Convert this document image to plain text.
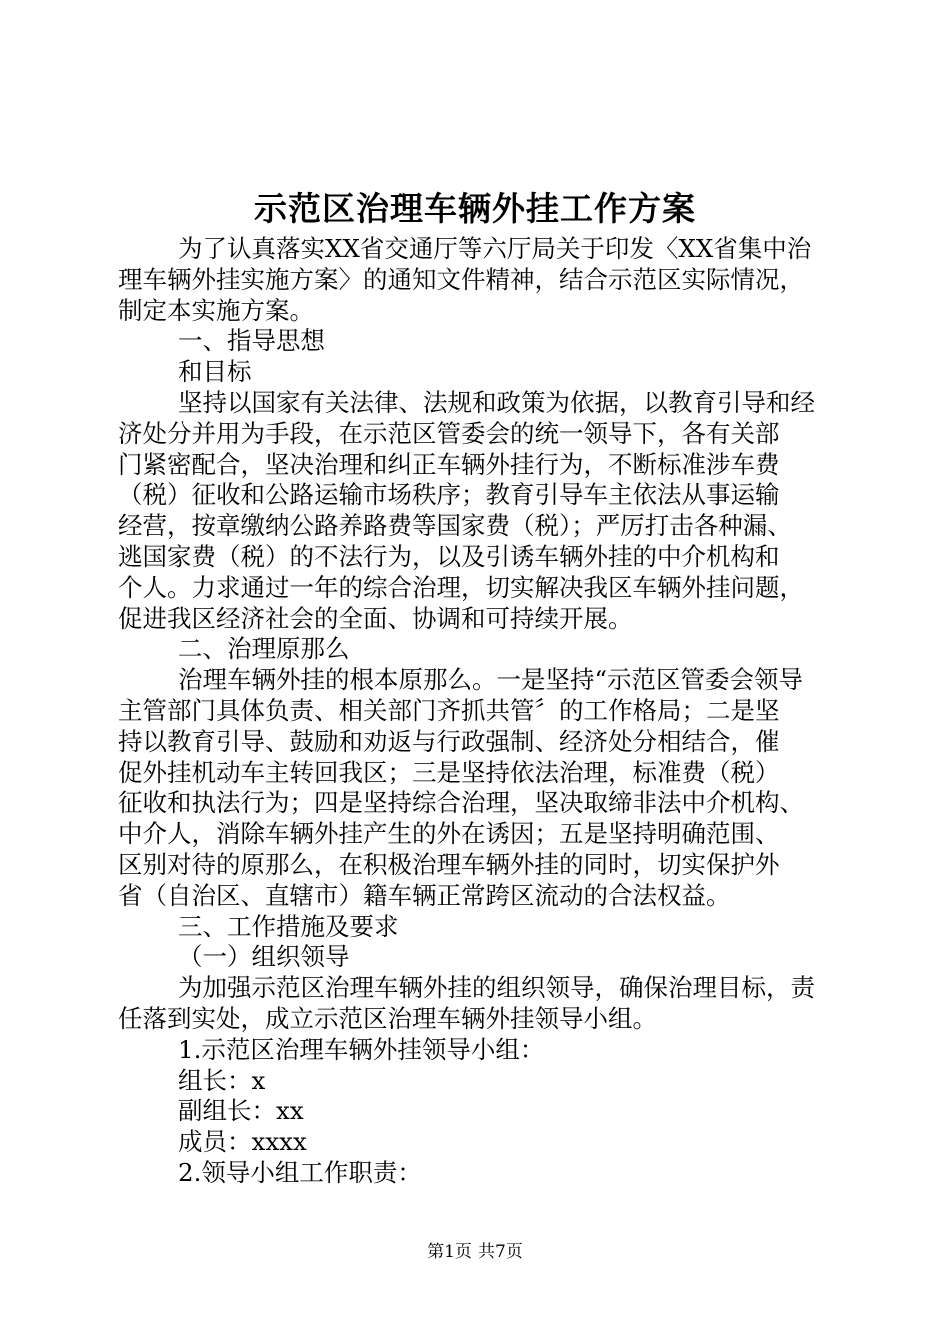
示范区治理车辆外挂工作方案
为了认真落实XX省交通厅等六厅局关于印发〈XX省集中治
理车辆外挂实施方案〉的通知文件精神，结合示范区实际情况，
制定本实施方案。
一、指导思想
和目标
坚持以国家有关法律、法规和政策为依据，以教育引导和经
济处分并用为手段，在示范区管委会的统一领导下，各有关部
门紧密配合，坚决治理和纠正车辆外挂行为，不断标准涉车费
（税）征收和公路运输市场秩序；教育引导车主依法从事运输
经营，按章缴纳公路养路费等国家费（税）；严厉打击各种漏、
逃国家费（税）的不法行为，以及引诱车辆外挂的中介机构和
个人。力求通过一年的综合治理，切实解决我区车辆外挂问题，
促进我区经济社会的全面、协调和可持续开展。
二、治理原那么
治理车辆外挂的根本原那么。一是坚持“示范区管委会领导
主管部门具体负责、相关部门齐抓共管〞的工作格局；二是坚
持以教育引导、鼓励和劝返与行政强制、经济处分相结合，催
促外挂机动车主转回我区；三是坚持依法治理，标准费（税）
征收和执法行为；四是坚持综合治理，坚决取缔非法中介机构、
中介人，消除车辆外挂产生的外在诱因；五是坚持明确范围、
区别对待的原那么，在积极治理车辆外挂的同时，切实保护外
省（自治区、直辖市）籍车辆正常跨区流动的合法权益。
三、工作措施及要求
（一）组织领导
为加强示范区治理车辆外挂的组织领导，确保治理目标，责
任落到实处，成立示范区治理车辆外挂领导小组。
1.示范区治理车辆外挂领导小组：
组长：x
副组长：xx
成员：xxxx
2.领导小组工作职责：
第1页 共7页
